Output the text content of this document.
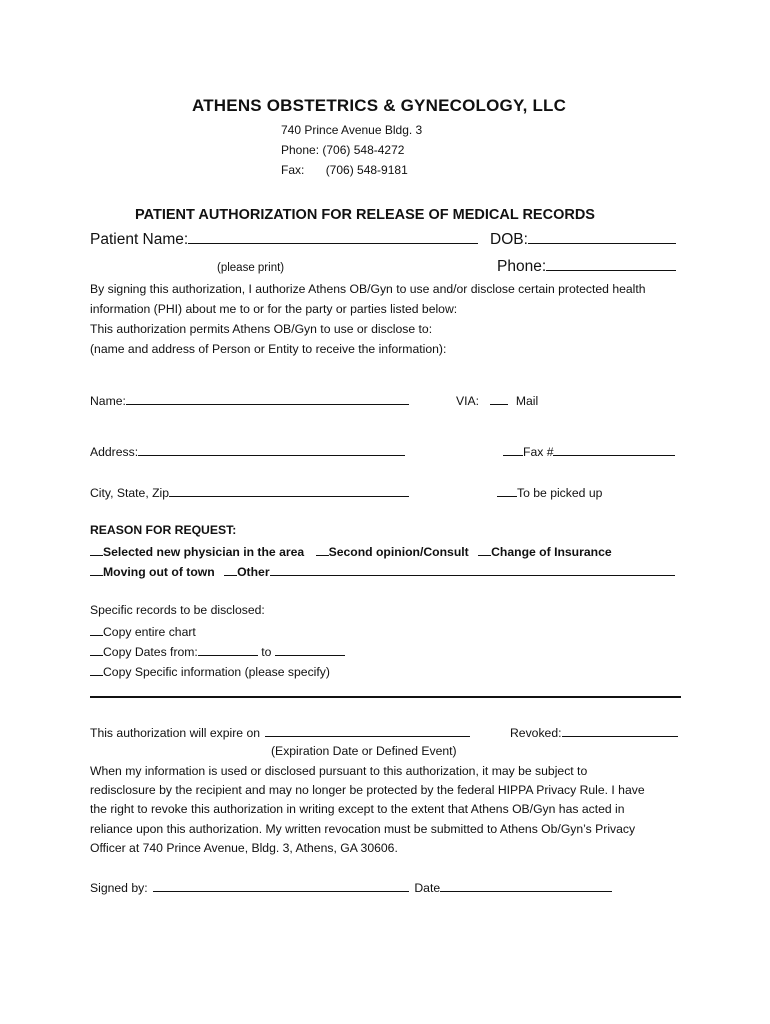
ATHENS OBSTETRICS & GYNECOLOGY, LLC
740 Prince Avenue Bldg. 3
Phone: (706) 548-4272
Fax: (706) 548-9181
PATIENT AUTHORIZATION FOR RELEASE OF MEDICAL RECORDS
Patient Name:	DOB:
(please print)	Phone:
By signing this authorization, I authorize Athens OB/Gyn to use and/or disclose certain protected health
information (PHI) about me to or for the party or parties listed below:
This authorization permits Athens OB/Gyn to use or disclose to:
(name and address of Person or Entity to receive the information):
Name:	VIA:	Mail
Address:	Fax #
City, State, Zip	To be picked up
REASON FOR REQUEST:
Selected new physician in the area Second opinion/Consult Change of Insurance
Moving out of town Other
Specific records to be disclosed:
Copy entire chart
Copy Dates from:	to
Copy Specific information (please specify)
This authorization will expire on	Revoked:
(Expiration Date or Defined Event)
When my information is used or disclosed pursuant to this authorization, it may be subject to
redisclosure by the recipient and may no longer be protected by the federal HIPPA Privacy Rule. I have
the right to revoke this authorization in writing except to the extent that Athens OB/Gyn has acted in
reliance upon this authorization. My written revocation must be submitted to Athens Ob/Gyn’s Privacy
Officer at 740 Prince Avenue, Bldg. 3, Athens, GA 30606.
Signed by:	Date
